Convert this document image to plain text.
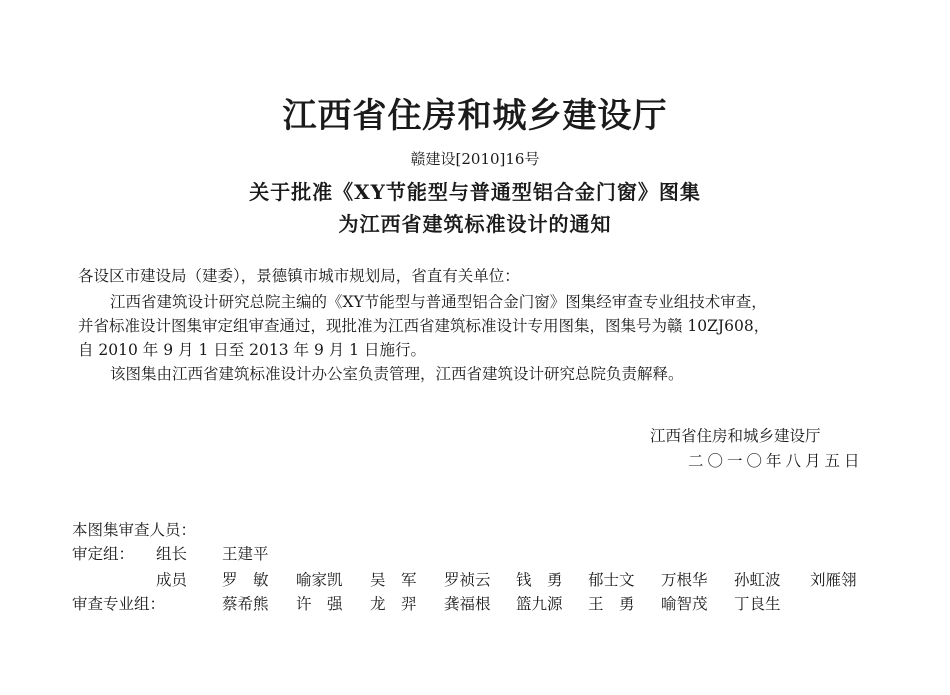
江西省住房和城乡建设厅
赣建设[2010]16号
关于批准《XY节能型与普通型铝合金门窗》图集
为江西省建筑标准设计的通知
各设区市建设局（建委），景德镇市城市规划局，省直有关单位：
江西省建筑设计研究总院主编的《XY节能型与普通型铝合金门窗》图集经审查专业组技术审查，
并省标准设计图集审定组审查通过，现批准为江西省建筑标准设计专用图集，图集号为赣 10ZJ608，
自 2010 年 9 月 1 日至 2013 年 9 月 1 日施行。
该图集由江西省建筑标准设计办公室负责管理，江西省建筑设计研究总院负责解释。
江西省住房和城乡建设厅
二〇一〇年八月五日
本图集审查人员：
审定组： 组长 王建平
成员 罗　敏 喻家凯 吴　军 罗祯云 钱　勇 郁士文 万根华 孙虹波 刘雁翎
审查专业组：	蔡希熊 许　强 龙　羿 龚福根 篮九源 王　勇 喻智茂 丁良生
